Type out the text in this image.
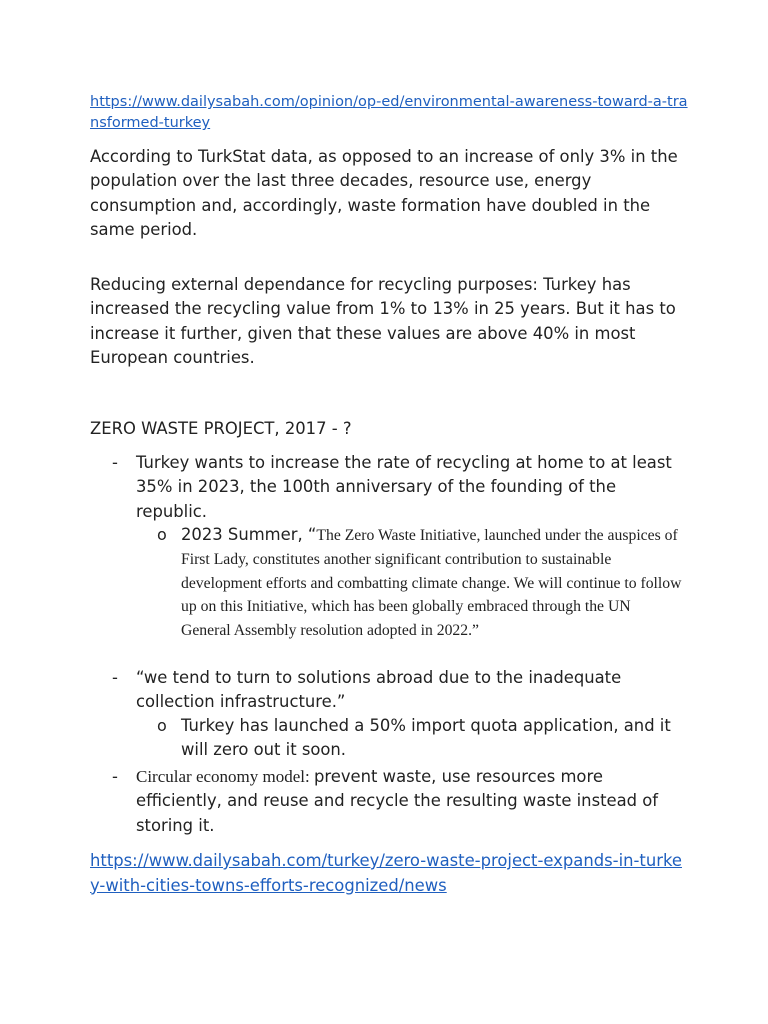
https://www.dailysabah.com/opinion/op-ed/environmental-awareness-toward-a-transformed-turkey

According to TurkStat data, as opposed to an increase of only 3% in the population over the last three decades, resource use, energy consumption and, accordingly, waste formation have doubled in the same period.

Reducing external dependance for recycling purposes: Turkey has increased the recycling value from 1% to 13% in 25 years. But it has to increase it further, given that these values are above 40% in most European countries.

ZERO WASTE PROJECT, 2017 - ?

- Turkey wants to increase the rate of recycling at home to at least 35% in 2023, the 100th anniversary of the founding of the republic.
o 2023 Summer, “The Zero Waste Initiative, launched under the auspices of First Lady, constitutes another significant contribution to sustainable development efforts and combatting climate change. We will continue to follow up on this Initiative, which has been globally embraced through the UN General Assembly resolution adopted in 2022.”
- “we tend to turn to solutions abroad due to the inadequate collection infrastructure.”
o Turkey has launched a 50% import quota application, and it will zero out it soon.
- Circular economy model: prevent waste, use resources more efficiently, and reuse and recycle the resulting waste instead of storing it.
https://www.dailysabah.com/turkey/zero-waste-project-expands-in-turkey-with-cities-towns-efforts-recognized/news
